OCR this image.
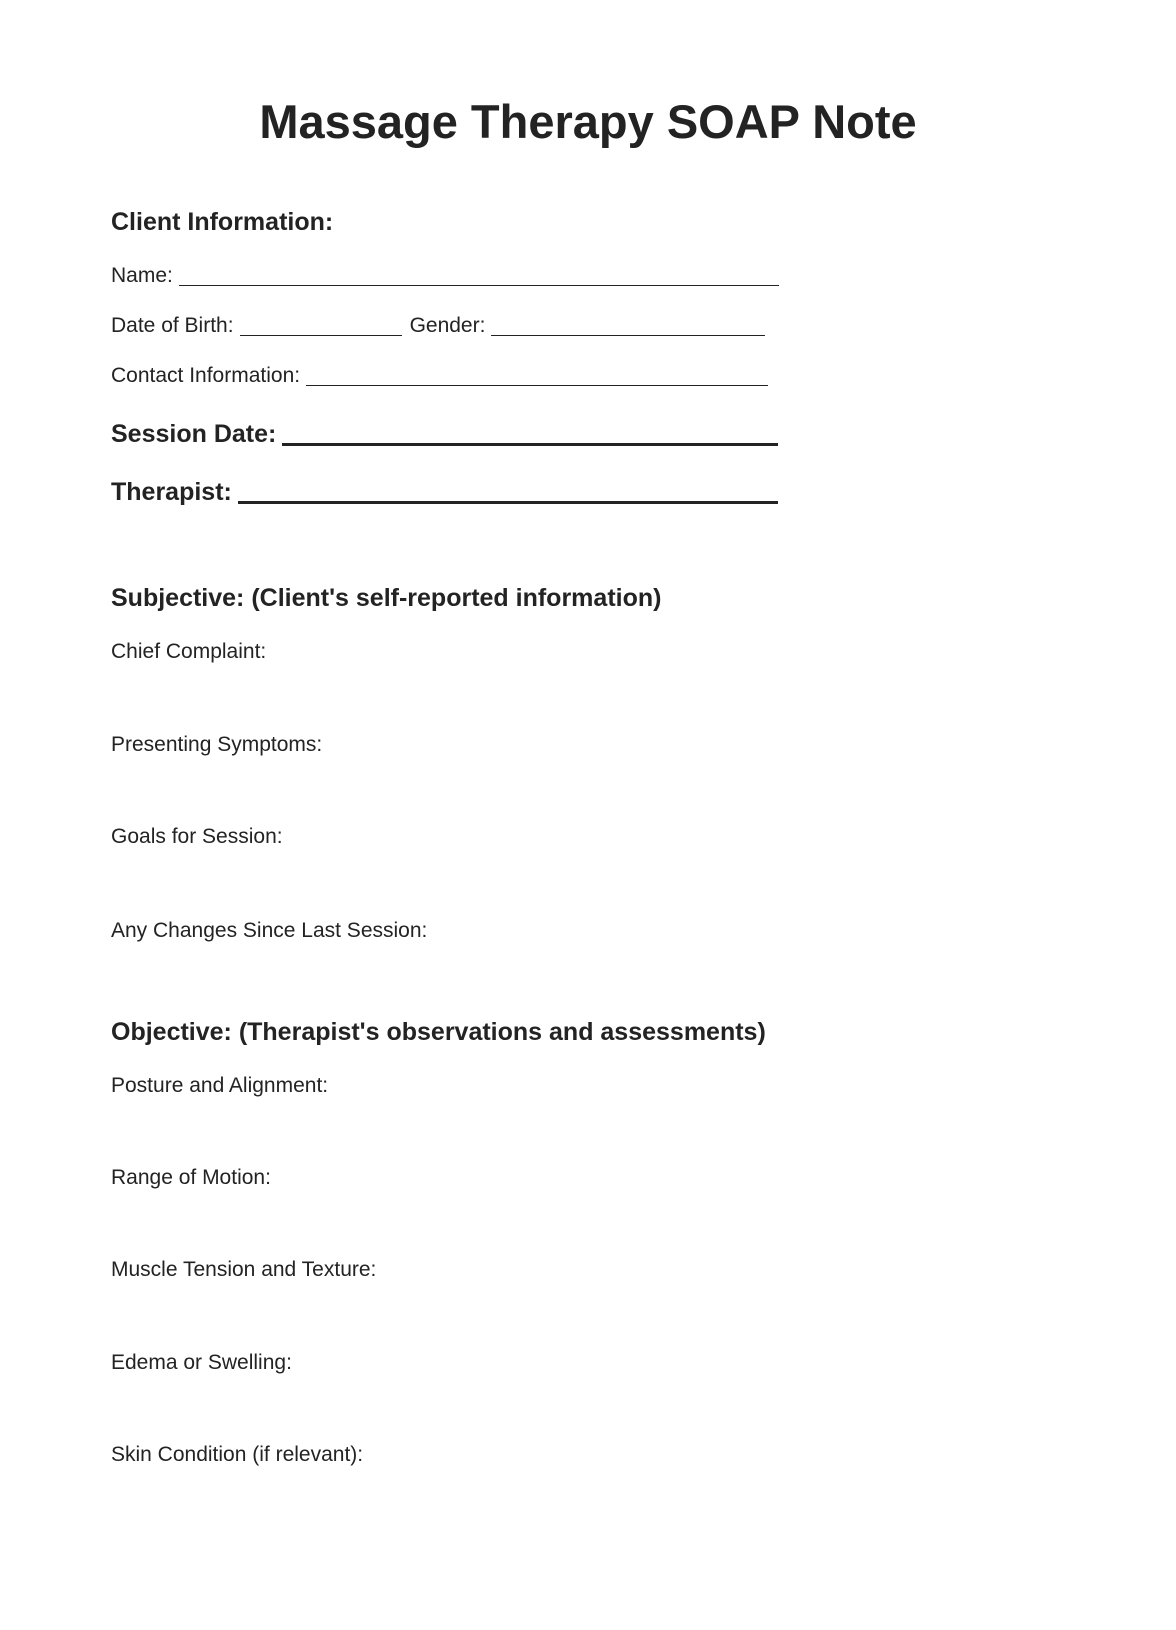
Massage Therapy SOAP Note

Client Information:

Name:
Date of Birth:	Gender:
Contact Information:
Session Date:
Therapist:

Subjective: (Client's self-reported information)

Chief Complaint:

Presenting Symptoms:

Goals for Session:

Any Changes Since Last Session:

Objective: (Therapist's observations and assessments)

Posture and Alignment:

Range of Motion:

Muscle Tension and Texture:

Edema or Swelling:

Skin Condition (if relevant):
